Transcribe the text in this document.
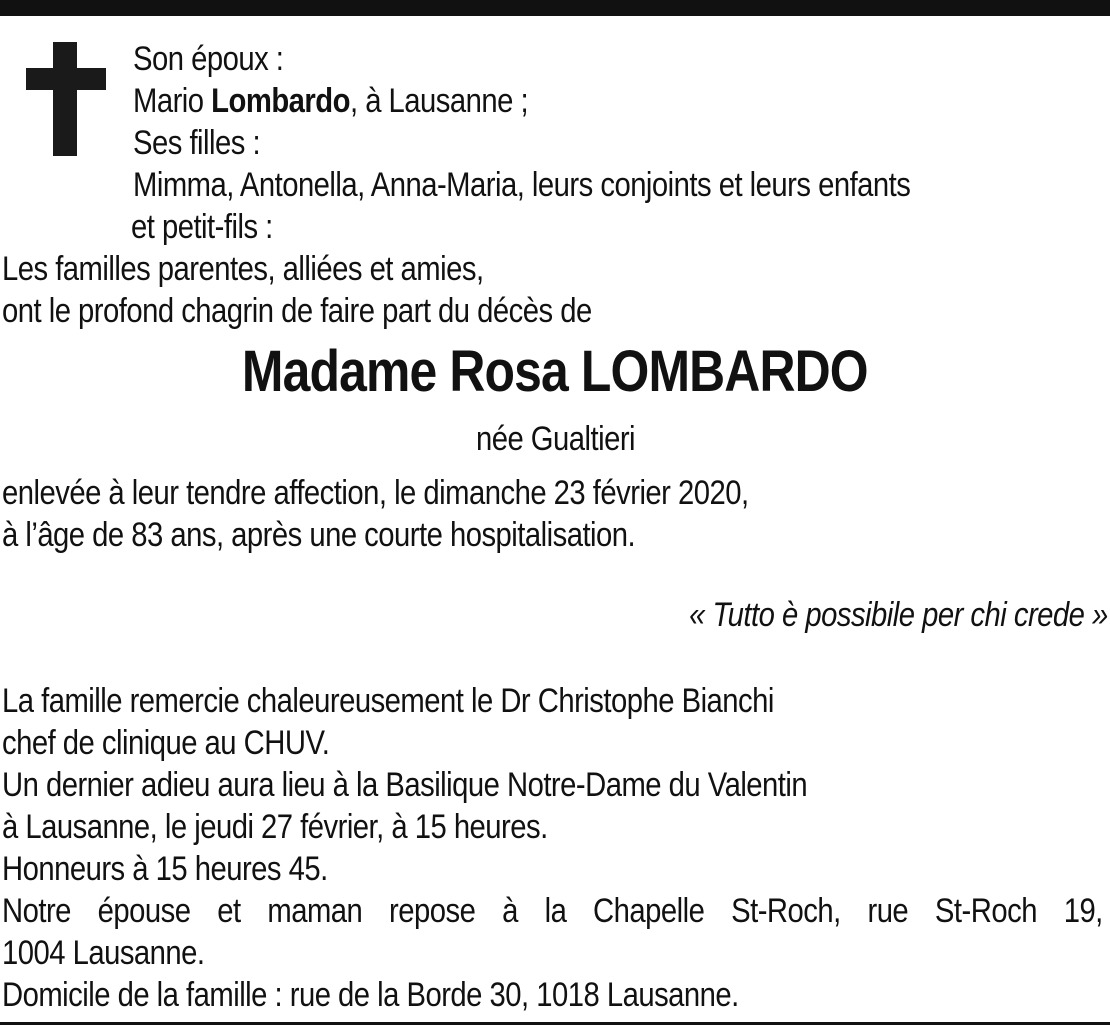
Son époux :
Mario Lombardo, à Lausanne ;
Ses filles :
Mimma, Antonella, Anna-Maria, leurs conjoints et leurs enfants
et petit-fils :
Les familles parentes, alliées et amies,
ont le profond chagrin de faire part du décès de
Madame Rosa LOMBARDO
née Gualtieri
enlevée à leur tendre affection, le dimanche 23 février 2020,
à l’âge de 83 ans, après une courte hospitalisation.
« Tutto è possibile per chi crede »
La famille remercie chaleureusement le Dr Christophe Bianchi
chef de clinique au CHUV.
Un dernier adieu aura lieu à la Basilique Notre-Dame du Valentin
à Lausanne, le jeudi 27 février, à 15 heures.
Honneurs à 15 heures 45.
Notre épouse et maman repose à la Chapelle St-Roch, rue St-Roch 19,
1004 Lausanne.
Domicile de la famille : rue de la Borde 30, 1018 Lausanne.
